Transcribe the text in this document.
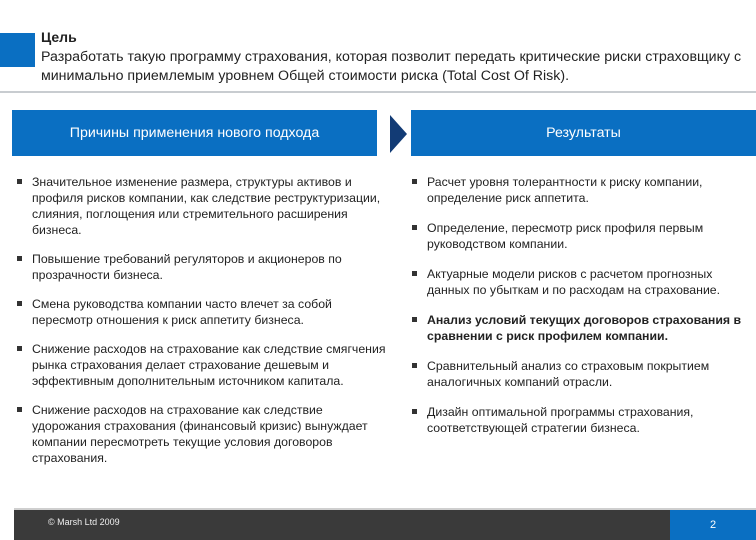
Цель
Разработать такую программу страхования, которая позволит передать критические риски страховщику с минимально приемлемым уровнем Общей стоимости риска (Total Cost Of Risk).
Причины применения нового подхода	Результаты
Значительное изменение размера, структуры активов и профиля рисков компании, как следствие реструктуризации, слияния, поглощения или стремительного расширения бизнеса.
Повышение требований регуляторов и акционеров по прозрачности бизнеса.
Смена руководства компании часто влечет за собой пересмотр отношения к риск аппетиту бизнеса.
Снижение расходов на страхование как следствие смягчения рынка страхования делает страхование дешевым и эффективным дополнительным источником капитала.
Снижение расходов на страхование как следствие удорожания страхования (финансовый кризис) вынуждает компании пересмотреть текущие условия договоров страхования.
Расчет уровня толерантности к риску компании, определение риск аппетита.
Определение, пересмотр риск профиля первым руководством компании.
Актуарные модели рисков с расчетом прогнозных данных по убыткам и по расходам на страхование.
Анализ условий текущих договоров страхования в сравнении с риск профилем компании.
Сравнительный анализ со страховым покрытием аналогичных компаний отрасли.
Дизайн оптимальной программы страхования, соответствующей стратегии бизнеса.
© Marsh Ltd 2009	2
